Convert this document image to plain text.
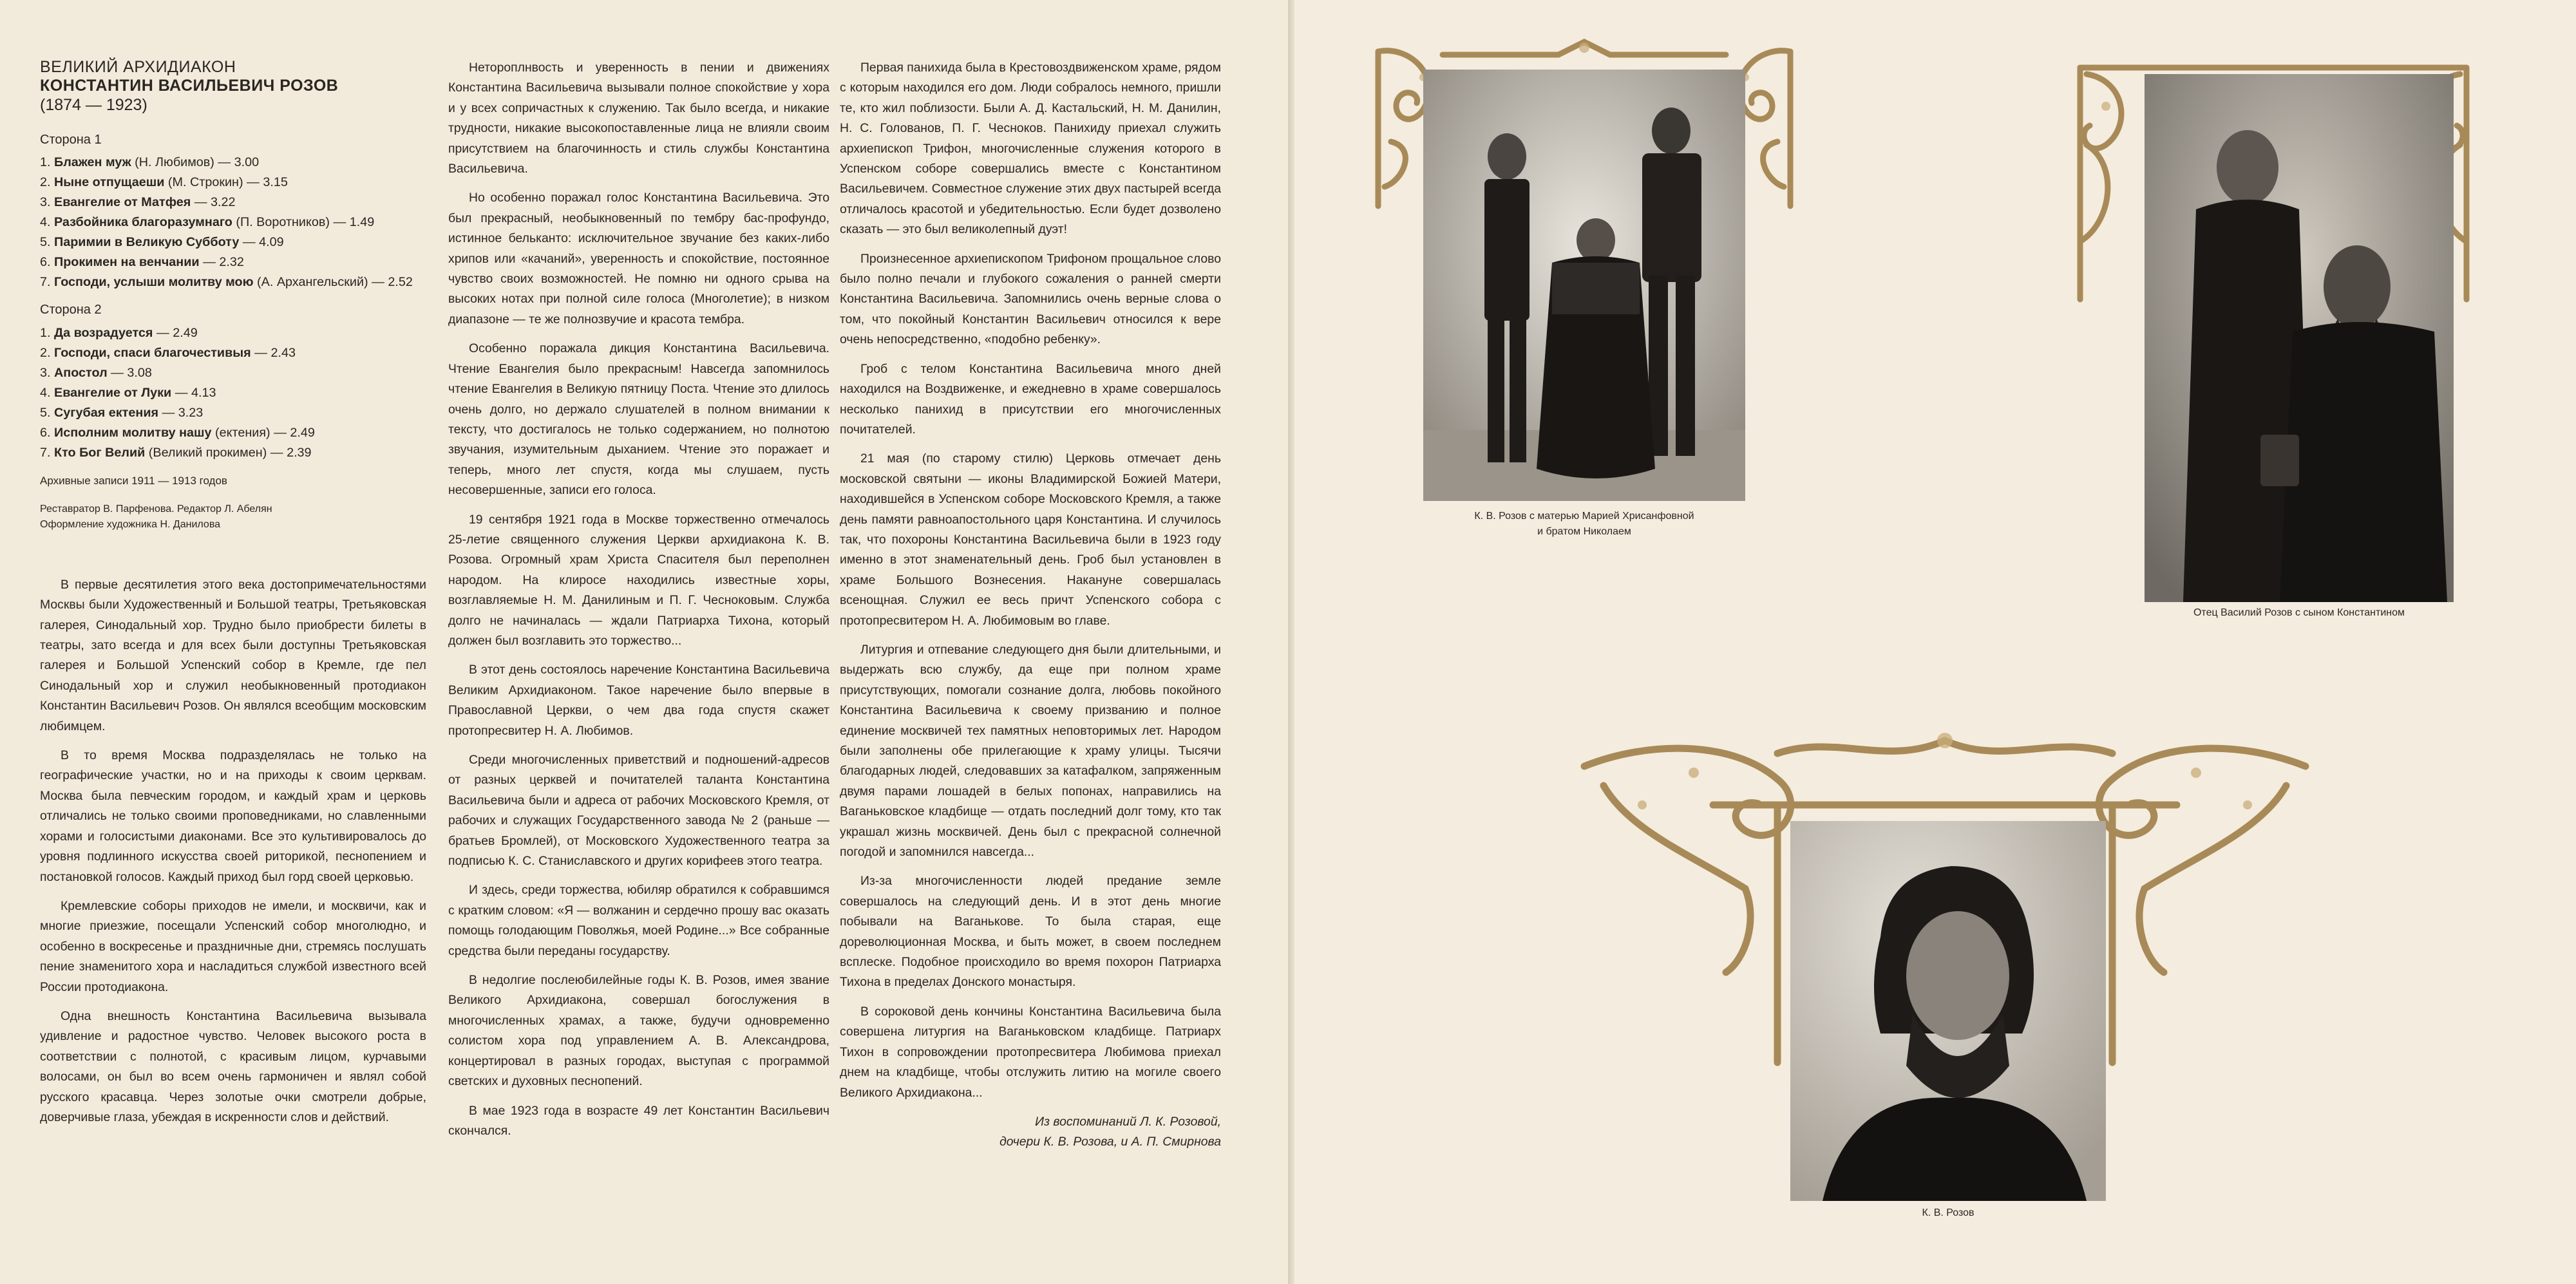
ВЕЛИКИЙ АРХИДИАКОН
КОНСТАНТИН ВАСИЛЬЕВИЧ РОЗОВ
(1874 — 1923)
Сторона 1
1. Блажен муж (Н. Любимов) — 3.00
2. Ныне отпущаеши (М. Строкин) — 3.15
3. Евангелие от Матфея — 3.22
4. Разбойника благоразумнаго (П. Воротников) — 1.49
5. Паримии в Великую Субботу — 4.09
6. Прокимен на венчании — 2.32
7. Господи, услыши молитву мою (А. Архангельский) — 2.52
Сторона 2
1. Да возрадуется — 2.49
2. Господи, спаси благочестивыя — 2.43
3. Апостол — 3.08
4. Евангелие от Луки — 4.13
5. Сугубая ектения — 3.23
6. Исполним молитву нашу (ектения) — 2.49
7. Кто Бог Велий (Великий прокимен) — 2.39
Архивные записи 1911 — 1913 годов
Реставратор В. Парфенова. Редактор Л. Абелян
Оформление художника Н. Данилова

В первые десятилетия этого века достопримечательностями Москвы были Художественный и Большой театры, Третьяковская галерея, Синодальный хор. Трудно было приобрести билеты в театры, зато всегда и для всех были доступны Третьяковская галерея и Большой Успенский собор в Кремле, где пел Синодальный хор и служил необыкновенный протодиакон Константин Васильевич Розов. Он являлся всеобщим московским любимцем.

В то время Москва подразделялась не только на географические участки, но и на приходы к своим церквам. Москва была певческим городом, и каждый храм и церковь отличались не только своими проповедниками, но славленными хорами и голосистыми диаконами. Все это культивировалось до уровня подлинного искусства своей риторикой, песнопением и постановкой голосов. Каждый приход был горд своей церковью.

Кремлевские соборы приходов не имели, и москвичи, как и многие приезжие, посещали Успенский собор многолюдно, и особенно в воскресенье и праздничные дни, стремясь послушать пение знаменитого хора и насладиться службой известного всей России протодиакона.

Одна внешность Константина Васильевича вызывала удивление и радостное чувство. Человек высокого роста в соответствии с полнотой, с красивым лицом, курчавыми волосами, он был во всем очень гармоничен и являл собой русского красавца. Через золотые очки смотрели добрые, доверчивые глаза, убеждая в искренности слов и действий.

Нетороплнвость и уверенность в пении и движениях Константина Васильевича вызывали полное спокойствие у хора и у всех сопричастных к служению. Так было всегда, и никакие трудности, никакие высокопоставленные лица не влияли своим присутствием на благочинность и стиль службы Константина Васильевича.

Но особенно поражал голос Константина Васильевича. Это был прекрасный, необыкновенный по тембру бас-профундо, истинное бельканто: исключительное звучание без каких-либо хрипов или «качаний», уверенность и спокойствие, постоянное чувство своих возможностей. Не помню ни одного срыва на высоких нотах при полной силе голоса (Многолетие); в низком диапазоне — те же полнозвучие и красота тембра.

Особенно поражала дикция Константина Васильевича. Чтение Евангелия было прекрасным! Навсегда запомнилось чтение Евангелия в Великую пятницу Поста. Чтение это длилось очень долго, но держало слушателей в полном внимании к тексту, что достигалось не только содержанием, но полнотою звучания, изумительным дыханием. Чтение это поражает и теперь, много лет спустя, когда мы слушаем, пусть несовершенные, записи его голоса.

19 сентября 1921 года в Москве торжественно отмечалось 25-летие священного служения Церкви архидиакона К. В. Розова. Огромный храм Христа Спасителя был переполнен народом. На клиросе находились известные хоры, возглавляемые Н. М. Данилиным и П. Г. Чесноковым. Служба долго не начиналась — ждали Патриарха Тихона, который должен был возглавить это торжество...

В этот день состоялось наречение Константина Васильевича Великим Архидиаконом. Такое наречение было впервые в Православной Церкви, о чем два года спустя скажет протопресвитер Н. А. Любимов.

Среди многочисленных приветствий и подношений-адресов от разных церквей и почитателей таланта Константина Васильевича были и адреса от рабочих Московского Кремля, от рабочих и служащих Государственного завода № 2 (раньше — братьев Бромлей), от Московского Художественного театра за подписью К. С. Станиславского и других корифеев этого театра.

И здесь, среди торжества, юбиляр обратился к собравшимся с кратким словом: «Я — волжанин и сердечно прошу вас оказать помощь голодающим Поволжья, моей Родине...» Все собранные средства были переданы государству.

В недолгие послеюбилейные годы К. В. Розов, имея звание Великого Архидиакона, совершал богослужения в многочисленных храмах, а также, будучи одновременно солистом хора под управлением А. В. Александрова, концертировал в разных городах, выступая с программой светских и духовных песнопений.

В мае 1923 года в возрасте 49 лет Константин Васильевич скончался.

Первая панихида была в Крестовоздвиженском храме, рядом с которым находился его дом. Люди собралось немного, пришли те, кто жил поблизости. Были А. Д. Кастальский, Н. М. Данилин, Н. С. Голованов, П. Г. Чесноков. Панихиду приехал служить архиепископ Трифон, многочисленные служения которого в Успенском соборе совершались вместе с Константином Васильевичем. Совместное служение этих двух пастырей всегда отличалось красотой и убедительностью. Если будет дозволено сказать — это был великолепный дуэт!

Произнесенное архиепископом Трифоном прощальное слово было полно печали и глубокого сожаления о ранней смерти Константина Васильевича. Запомнились очень верные слова о том, что покойный Константин Васильевич относился к вере очень непосредственно, «подобно ребенку».

Гроб с телом Константина Васильевича много дней находился на Воздвиженке, и ежедневно в храме совершалось несколько панихид в присутствии его многочисленных почитателей.

21 мая (по старому стилю) Церковь отмечает день московской святыни — иконы Владимирской Божией Матери, находившейся в Успенском соборе Московского Кремля, а также день памяти равноапостольного царя Константина. И случилось так, что похороны Константина Васильевича были в 1923 году именно в этот знаменательный день. Гроб был установлен в храме Большого Вознесения. Накануне совершалась всенощная. Служил ее весь причт Успенского собора с протопресвитером Н. А. Любимовым во главе.

Литургия и отпевание следующего дня были длительными, и выдержать всю службу, да еще при полном храме присутствующих, помогали сознание долга, любовь покойного Константина Васильевича к своему призванию и полное единение москвичей тех памятных неповторимых лет. Народом были заполнены обе прилегающие к храму улицы. Тысячи благодарных людей, следовавших за катафалком, запряженным двумя парами лошадей в белых попонах, направились на Ваганьковское кладбище — отдать последний долг тому, кто так украшал жизнь москвичей. День был с прекрасной солнечной погодой и запомнился навсегда...

Из-за многочисленности людей предание земле совершалось на следующий день. И в этот день многие побывали на Ваганькове. То была старая, еще дореволюционная Москва, и быть может, в своем последнем всплеске. Подобное происходило во время похорон Патриарха Тихона в пределах Донского монастыря.

В сороковой день кончины Константина Васильевича была совершена литургия на Ваганьковском кладбище. Патриарх Тихон в сопровождении протопресвитера Любимова приехал днем на кладбище, чтобы отслужить литию на могиле своего Великого Архидиакона...

Из воспоминаний Л. К. Розовой,
дочери К. В. Розова, и А. П. Смирнова

К. В. Розов с матерью Марией Хрисанфовной
и братом Николаем
Отец Василий Розов с сыном Константином
К. В. Розов
